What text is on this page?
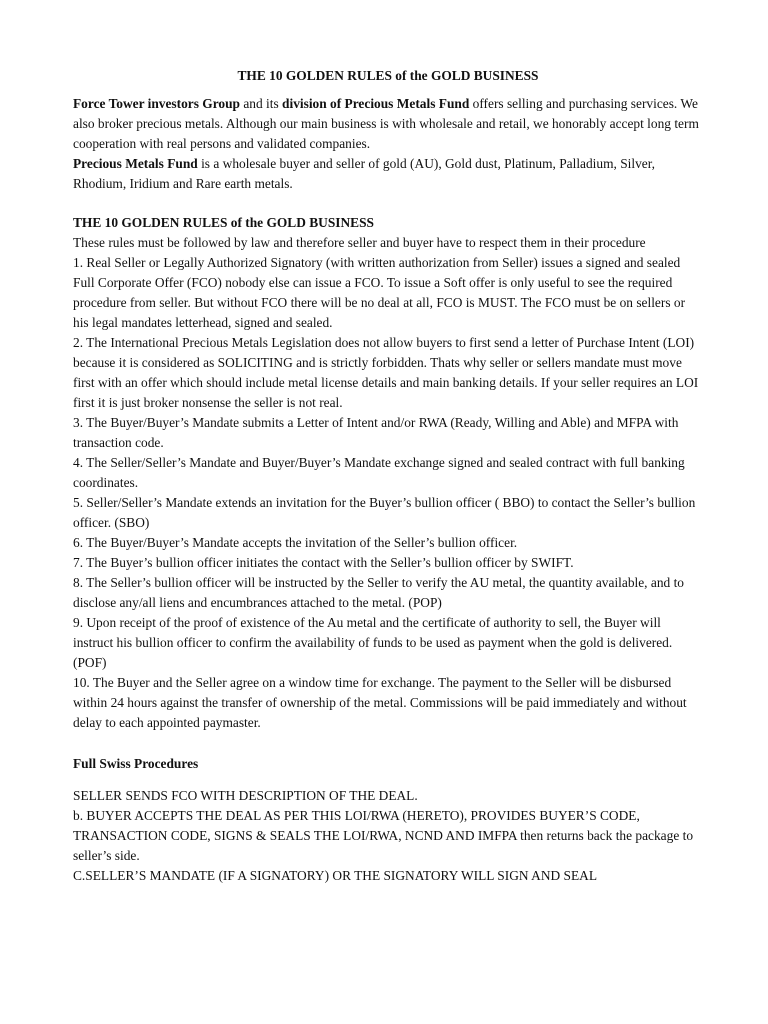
THE 10 GOLDEN RULES of the GOLD BUSINESS

Force Tower investors Group and its division of Precious Metals Fund offers selling and purchasing services. We also broker precious metals. Although our main business is with wholesale and retail, we honorably accept long term cooperation with real persons and validated companies.
Precious Metals Fund is a wholesale buyer and seller of gold (AU), Gold dust, Platinum, Palladium, Silver, Rhodium, Iridium and Rare earth metals.

THE 10 GOLDEN RULES of the GOLD BUSINESS

These rules must be followed by law and therefore seller and buyer have to respect them in their procedure

1. Real Seller or Legally Authorized Signatory (with written authorization from Seller) issues a signed and sealed Full Corporate Offer (FCO) nobody else can issue a FCO. To issue a Soft offer is only useful to see the required procedure from seller. But without FCO there will be no deal at all, FCO is MUST. The FCO must be on sellers or his legal mandates letterhead, signed and sealed.

2. The International Precious Metals Legislation does not allow buyers to first send a letter of Purchase Intent (LOI) because it is considered as SOLICITING and is strictly forbidden. Thats why seller or sellers mandate must move first with an offer which should include metal license details and main banking details. If your seller requires an LOI first it is just broker nonsense the seller is not real.

3. The Buyer/Buyer’s Mandate submits a Letter of Intent and/or RWA (Ready, Willing and Able) and MFPA with transaction code.

4. The Seller/Seller’s Mandate and Buyer/Buyer’s Mandate exchange signed and sealed contract with full banking coordinates.

5. Seller/Seller’s Mandate extends an invitation for the Buyer’s bullion officer ( BBO) to contact the Seller’s bullion officer. (SBO)

6. The Buyer/Buyer’s Mandate accepts the invitation of the Seller’s bullion officer.

7. The Buyer’s bullion officer initiates the contact with the Seller’s bullion officer by SWIFT.

8. The Seller’s bullion officer will be instructed by the Seller to verify the AU metal, the quantity available, and to disclose any/all liens and encumbrances attached to the metal. (POP)

9. Upon receipt of the proof of existence of the Au metal and the certificate of authority to sell, the Buyer will instruct his bullion officer to confirm the availability of funds to be used as payment when the gold is delivered.(POF)

10. The Buyer and the Seller agree on a window time for exchange. The payment to the Seller will be disbursed within 24 hours against the transfer of ownership of the metal. Commissions will be paid immediately and without delay to each appointed paymaster.

Full Swiss Procedures

SELLER SENDS FCO WITH DESCRIPTION OF THE DEAL.

b. BUYER ACCEPTS THE DEAL AS PER THIS LOI/RWA (HERETO), PROVIDES BUYER’S CODE, TRANSACTION CODE, SIGNS & SEALS THE LOI/RWA, NCND AND IMFPA then returns back the package to seller’s side.

C.SELLER’S MANDATE (IF A SIGNATORY) OR THE SIGNATORY WILL SIGN AND SEAL
